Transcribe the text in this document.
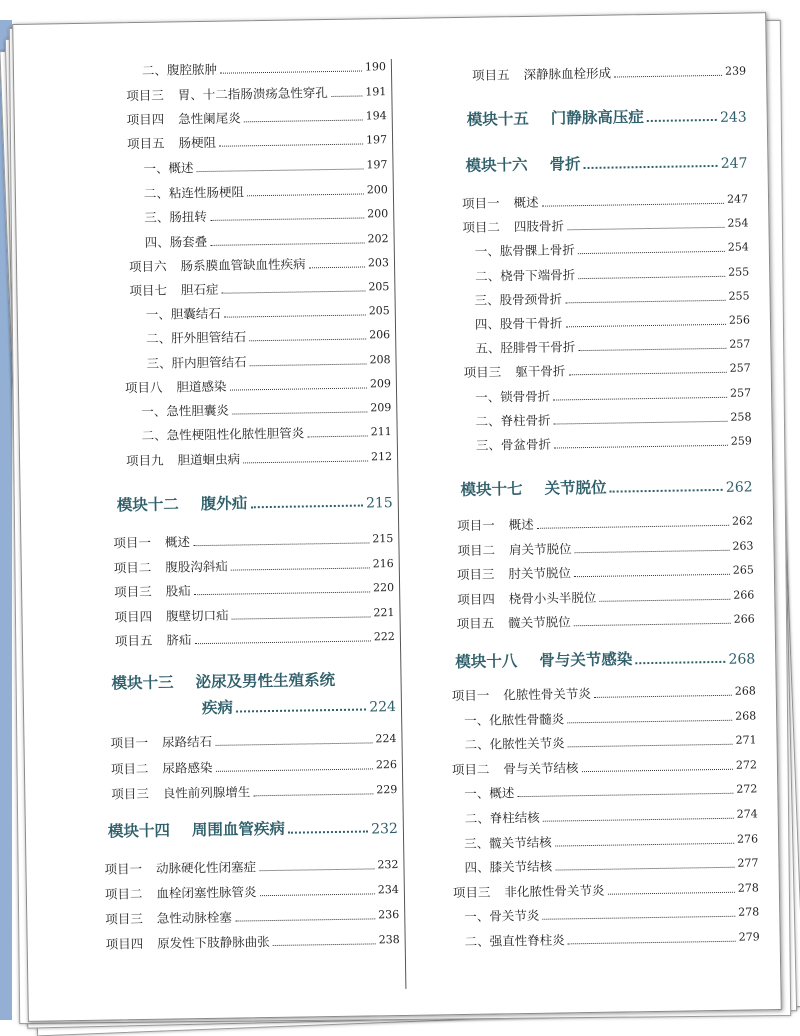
二、腹腔脓肿	190
项目三 胃、十二指肠溃疡急性穿孔	191
项目四 急性阑尾炎	194
项目五 肠梗阻	197
一、概述	197
二、粘连性肠梗阻	200
三、肠扭转	200
四、肠套叠	202
项目六 肠系膜血管缺血性疾病	203
项目七 胆石症	205
一、胆囊结石	205
二、肝外胆管结石	206
三、肝内胆管结石	208
项目八 胆道感染	209
一、急性胆囊炎	209
二、急性梗阻性化脓性胆管炎	211
项目九 胆道蛔虫病	212
模块十二 腹外疝	215
项目一 概述	215
项目二 腹股沟斜疝	216
项目三 股疝	220
项目四 腹壁切口疝	221
项目五 脐疝	222
模块十三 泌尿及男性生殖系统
疾病	224
项目一 尿路结石	224
项目二 尿路感染	226
项目三 良性前列腺增生	229
模块十四 周围血管疾病	232
项目一 动脉硬化性闭塞症	232
项目二 血栓闭塞性脉管炎	234
项目三 急性动脉栓塞	236
项目四 原发性下肢静脉曲张	238
项目五 深静脉血栓形成	239
模块十五 门静脉高压症	243
模块十六 骨折	247
项目一 概述	247
项目二 四肢骨折	254
一、肱骨髁上骨折	254
二、桡骨下端骨折	255
三、股骨颈骨折	255
四、股骨干骨折	256
五、胫腓骨干骨折	257
项目三 躯干骨折	257
一、锁骨骨折	257
二、脊柱骨折	258
三、骨盆骨折	259
模块十七 关节脱位	262
项目一 概述	262
项目二 肩关节脱位	263
项目三 肘关节脱位	265
项目四 桡骨小头半脱位	266
项目五 髋关节脱位	266
模块十八 骨与关节感染	268
项目一 化脓性骨关节炎	268
一、化脓性骨髓炎	268
二、化脓性关节炎	271
项目二 骨与关节结核	272
一、概述	272
二、脊柱结核	274
三、髋关节结核	276
四、膝关节结核	277
项目三 非化脓性骨关节炎	278
一、骨关节炎	278
二、强直性脊柱炎	279
